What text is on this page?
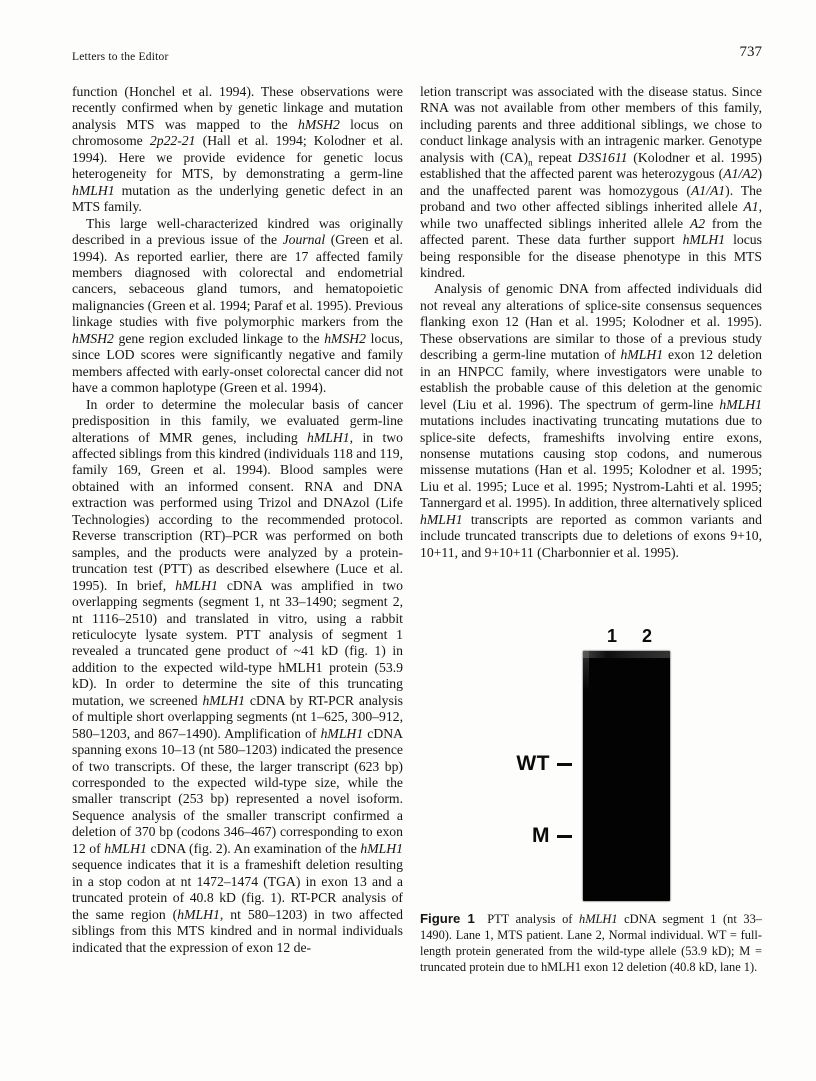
Letters to the Editor	737

function (Honchel et al. 1994). These observations were recently confirmed when by genetic linkage and mutation analysis MTS was mapped to the hMSH2 locus on chromosome 2p22-21 (Hall et al. 1994; Kolodner et al. 1994). Here we provide evidence for genetic locus heterogeneity for MTS, by demonstrating a germ-line hMLH1 mutation as the underlying genetic defect in an MTS family.

This large well-characterized kindred was originally described in a previous issue of the Journal (Green et al. 1994). As reported earlier, there are 17 affected family members diagnosed with colorectal and endometrial cancers, sebaceous gland tumors, and hematopoietic malignancies (Green et al. 1994; Paraf et al. 1995). Previous linkage studies with five polymorphic markers from the hMSH2 gene region excluded linkage to the hMSH2 locus, since LOD scores were significantly negative and family members affected with early-onset colorectal cancer did not have a common haplotype (Green et al. 1994).

In order to determine the molecular basis of cancer predisposition in this family, we evaluated germ-line alterations of MMR genes, including hMLH1, in two affected siblings from this kindred (individuals 118 and 119, family 169, Green et al. 1994). Blood samples were obtained with an informed consent. RNA and DNA extraction was performed using Trizol and DNAzol (Life Technologies) according to the recommended protocol. Reverse transcription (RT)–PCR was performed on both samples, and the products were analyzed by a protein-truncation test (PTT) as described elsewhere (Luce et al. 1995). In brief, hMLH1 cDNA was amplified in two overlapping segments (segment 1, nt 33–1490; segment 2, nt 1116–2510) and translated in vitro, using a rabbit reticulocyte lysate system. PTT analysis of segment 1 revealed a truncated gene product of ~41 kD (fig. 1) in addition to the expected wild-type hMLH1 protein (53.9 kD). In order to determine the site of this truncating mutation, we screened hMLH1 cDNA by RT-PCR analysis of multiple short overlapping segments (nt 1–625, 300–912, 580–1203, and 867–1490). Amplification of hMLH1 cDNA spanning exons 10–13 (nt 580–1203) indicated the presence of two transcripts. Of these, the larger transcript (623 bp) corresponded to the expected wild-type size, while the smaller transcript (253 bp) represented a novel isoform. Sequence analysis of the smaller transcript confirmed a deletion of 370 bp (codons 346–467) corresponding to exon 12 of hMLH1 cDNA (fig. 2). An examination of the hMLH1 sequence indicates that it is a frameshift deletion resulting in a stop codon at nt 1472–1474 (TGA) in exon 13 and a truncated protein of 40.8 kD (fig. 1). RT-PCR analysis of the same region (hMLH1, nt 580–1203) in two affected siblings from this MTS kindred and in normal individuals indicated that the expression of exon 12 de-

letion transcript was associated with the disease status. Since RNA was not available from other members of this family, including parents and three additional siblings, we chose to conduct linkage analysis with an intragenic marker. Genotype analysis with $(CA)_n$ repeat D3S1611 (Kolodner et al. 1995) established that the affected parent was heterozygous (A1/A2) and the unaffected parent was homozygous (A1/A1). The proband and two other affected siblings inherited allele A1, while two unaffected siblings inherited allele A2 from the affected parent. These data further support hMLH1 locus being responsible for the disease phenotype in this MTS kindred.

Analysis of genomic DNA from affected individuals did not reveal any alterations of splice-site consensus sequences flanking exon 12 (Han et al. 1995; Kolodner et al. 1995). These observations are similar to those of a previous study describing a germ-line mutation of hMLH1 exon 12 deletion in an HNPCC family, where investigators were unable to establish the probable cause of this deletion at the genomic level (Liu et al. 1996). The spectrum of germ-line hMLH1 mutations includes inactivating truncating mutations due to splice-site defects, frameshifts involving entire exons, nonsense mutations causing stop codons, and numerous missense mutations (Han et al. 1995; Kolodner et al. 1995; Liu et al. 1995; Luce et al. 1995; Nystrom-Lahti et al. 1995; Tannergard et al. 1995). In addition, three alternatively spliced hMLH1 transcripts are reported as common variants and include truncated transcripts due to deletions of exons 9+10, 10+11, and 9+10+11 (Charbonnier et al. 1995).

1 2
WT
M
Figure 1  PTT analysis of hMLH1 cDNA segment 1 (nt 33–1490). Lane 1, MTS patient. Lane 2, Normal individual. WT = full-length protein generated from the wild-type allele (53.9 kD); M = truncated protein due to hMLH1 exon 12 deletion (40.8 kD, lane 1).
